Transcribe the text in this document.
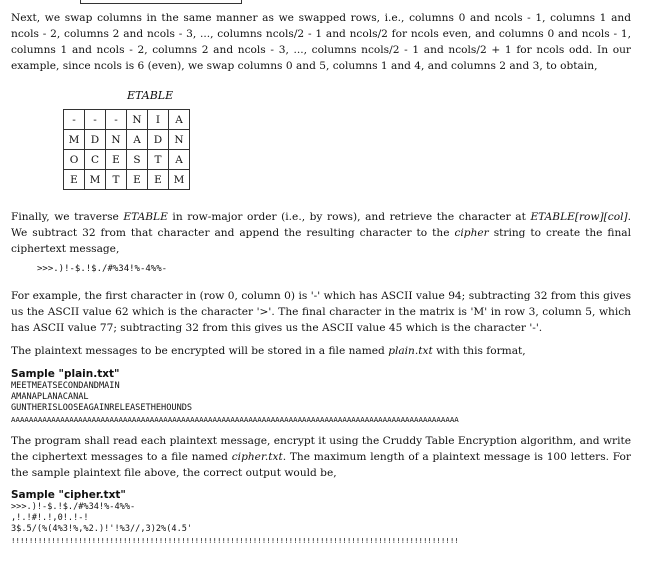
Next, we swap columns in the same manner as we swapped rows, i.e., columns 0 and ncols - 1, columns 1 and ncols - 2, columns 2 and ncols - 3, ..., columns ncols/2 - 1 and ncols/2 for ncols even, and columns 0 and ncols - 1, columns 1 and ncols - 2, columns 2 and ncols - 3, ..., columns ncols/2 - 1 and ncols/2 + 1 for ncols odd. In our example, since ncols is 6 (even), we swap columns 0 and 5, columns 1 and 4, and columns 2 and 3, to obtain,

ETABLE
-	-	-	N	I	A
M	D	N	A	D	N
O	C	E	S	T	A
E	M	T	E	E	M

Finally, we traverse ETABLE in row-major order (i.e., by rows), and retrieve the character at ETABLE[row][col]. We subtract 32 from that character and append the resulting character to the cipher string to create the final ciphertext message,

>>>.)!-$.!$./#%34!%-4%%-

For example, the first character in (row 0, column 0) is '-' which has ASCII value 94; subtracting 32 from this gives us the ASCII value 62 which is the character '>'. The final character in the matrix is 'M' in row 3, column 5, which has ASCII value 77; subtracting 32 from this gives us the ASCII value 45 which is the character '-'.

The plaintext messages to be encrypted will be stored in a file named plain.txt with this format,

Sample "plain.txt"
MEETMEATSECONDANDMAIN
AMANAPLANACANAL
GUNTHERISLOOSEAGAINRELEASETHEHOUNDS
AAAAAAAAAAAAAAAAAAAAAAAAAAAAAAAAAAAAAAAAAAAAAAAAAAAAAAAAAAAAAAAAAAAAAAAAAAAAAAAAAAAAAAAAAAAAAAAAAAAA

The program shall read each plaintext message, encrypt it using the Cruddy Table Encryption algorithm, and write the ciphertext messages to a file named cipher.txt. The maximum length of a plaintext message is 100 letters. For the sample plaintext file above, the correct output would be,

Sample "cipher.txt"
>>>.)!-$.!$./#%34!%-4%%-
,!.!#!.!,0!.!-!
3$.5/(%(4%3!%,%2.)!'!%3//,3)2%(4.5'
!!!!!!!!!!!!!!!!!!!!!!!!!!!!!!!!!!!!!!!!!!!!!!!!!!!!!!!!!!!!!!!!!!!!!!!!!!!!!!!!!!!!!!!!!!!!!!!!!!!!
